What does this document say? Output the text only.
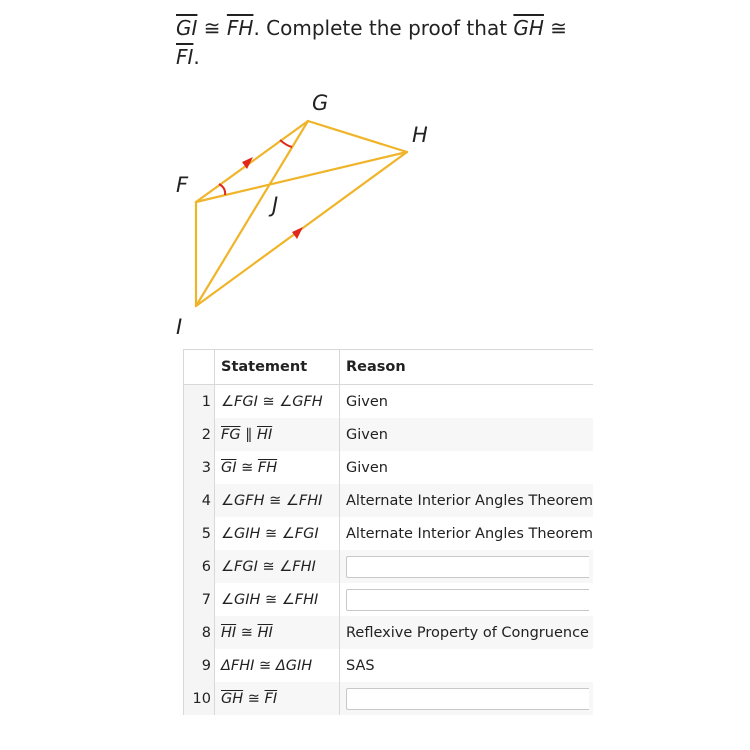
$\overline{GI}$ ≅ $\overline{FH}$. Complete the proof that $\overline{GH}$ ≅
$\overline{FI}$.
G
H
F
J
I
	Statement	Reason
1	∠FGI ≅ ∠GFH	Given
2	$\overline{FG}$ ∥ $\overline{HI}$	Given
3	$\overline{GI}$ ≅ $\overline{FH}$	Given
4	∠GFH ≅ ∠FHI	Alternate Interior Angles Theorem
5	∠GIH ≅ ∠FGI	Alternate Interior Angles Theorem
6	∠FGI ≅ ∠FHI	

7	∠GIH ≅ ∠FHI	

8	$\overline{HI}$ ≅ $\overline{HI}$	Reflexive Property of Congruence
9	ΔFHI ≅ ΔGIH	SAS
10	$\overline{GH}$ ≅ $\overline{FI}$	
